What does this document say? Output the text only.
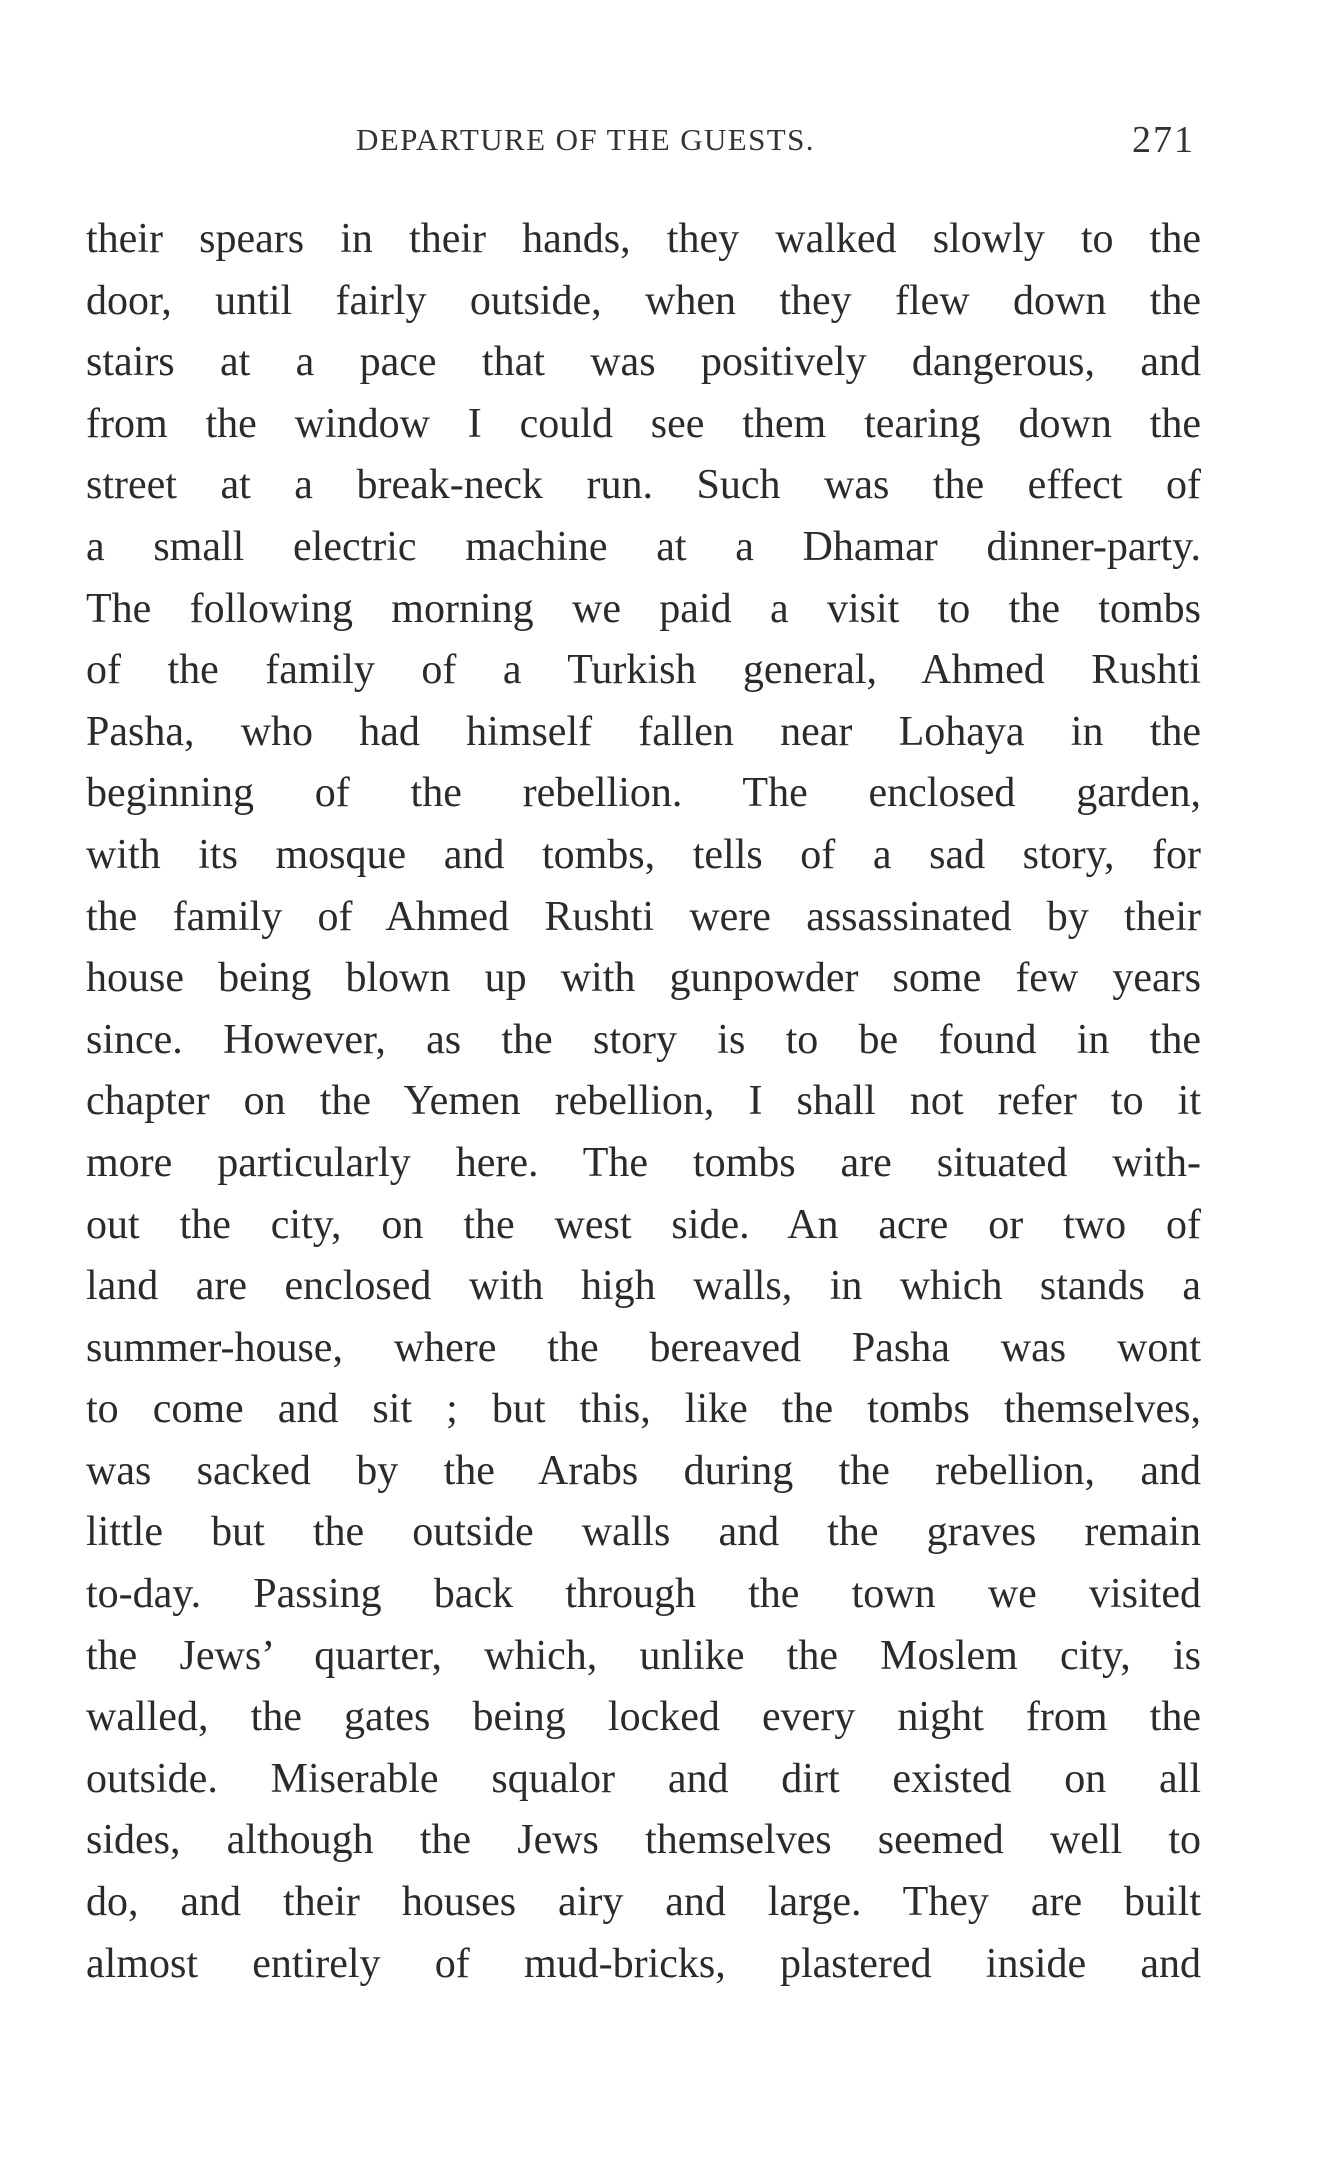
DEPARTURE OF THE GUESTS.	271
their spears in their hands, they walked slowly to the
door, until fairly outside, when they flew down the
stairs at a pace that was positively dangerous, and
from the window I could see them tearing down the
street at a break-neck run. Such was the effect of
a small electric machine at a Dhamar dinner-party.
The following morning we paid a visit to the tombs
of the family of a Turkish general, Ahmed Rushti
Pasha, who had himself fallen near Lohaya in the
beginning of the rebellion. The enclosed garden,
with its mosque and tombs, tells of a sad story, for
the family of Ahmed Rushti were assassinated by their
house being blown up with gunpowder some few years
since. However, as the story is to be found in the
chapter on the Yemen rebellion, I shall not refer to it
more particularly here. The tombs are situated with-
out the city, on the west side. An acre or two of
land are enclosed with high walls, in which stands a
summer-house, where the bereaved Pasha was wont
to come and sit ; but this, like the tombs themselves,
was sacked by the Arabs during the rebellion, and
little but the outside walls and the graves remain
to-day. Passing back through the town we visited
the Jews’ quarter, which, unlike the Moslem city, is
walled, the gates being locked every night from the
outside. Miserable squalor and dirt existed on all
sides, although the Jews themselves seemed well to
do, and their houses airy and large. They are built
almost entirely of mud-bricks, plastered inside and
